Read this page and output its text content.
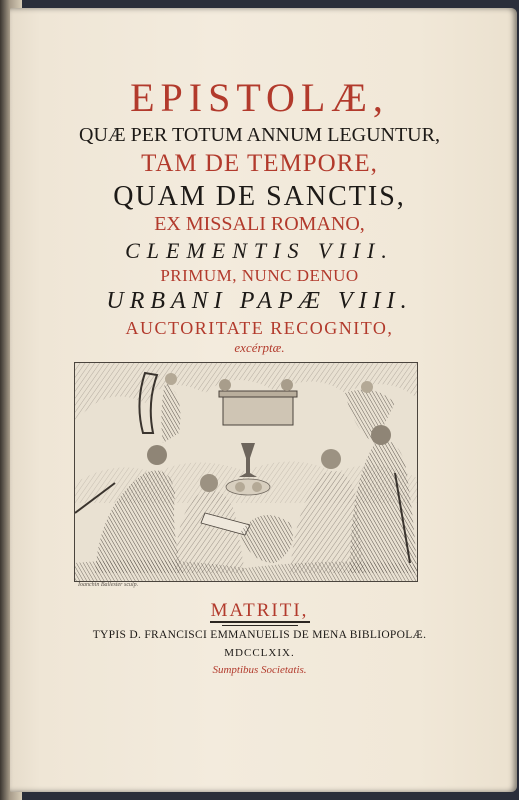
EPISTOLÆ,
QUÆ PER TOTUM ANNUM LEGUNTUR,
TAM DE TEMPORE,
QUAM DE SANCTIS,
EX MISSALI ROMANO,
CLEMENTIS VIII.
PRIMUM, NUNC DENUO
URBANI PAPÆ VIII.
AUCTORITATE RECOGNITO,
excérptæ.
Ioanchin Ballester sculp.
MATRITI,
TYPIS D. FRANCISCI EMMANUELIS DE MENA BIBLIOPOLÆ.
MDCCLXIX.
Sumptibus Societatis.
